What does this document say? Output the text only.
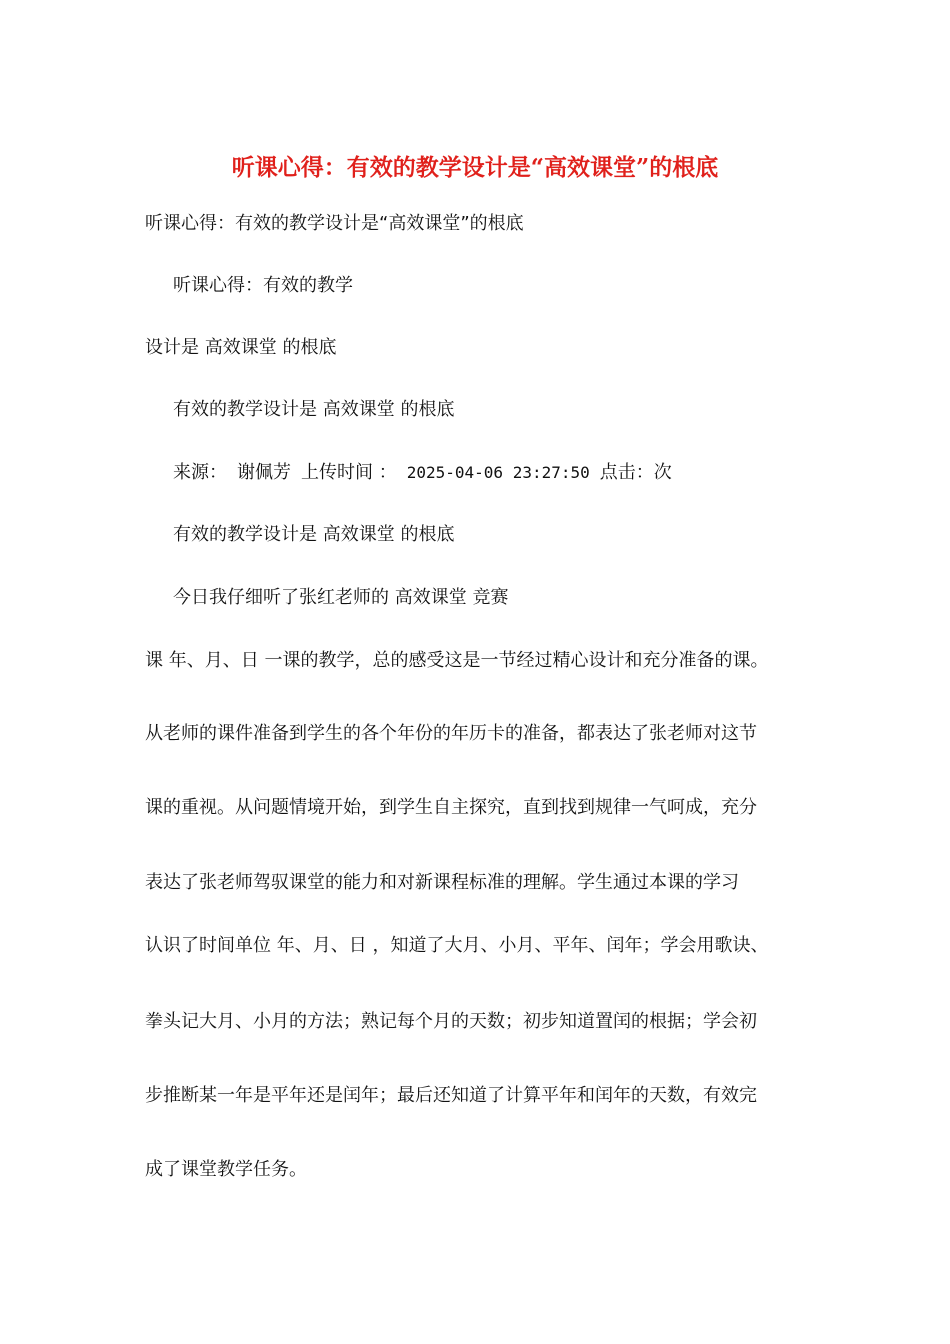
听课心得：有效的教学设计是“高效课堂”的根底
听课心得：有效的教学设计是“高效课堂”的根底
听课心得：有效的教学
设计是 高效课堂 的根底
有效的教学设计是 高效课堂 的根底
来源： 谢佩芳 上传时间 ： 2025-04-06 23:27:50 点击：次
有效的教学设计是 高效课堂 的根底
今日我仔细听了张红老师的 高效课堂 竞赛
课 年、月、日 一课的教学，总的感受这是一节经过精心设计和充分准备的课。
从老师的课件准备到学生的各个年份的年历卡的准备，都表达了张老师对这节
课的重视。从问题情境开始，到学生自主探究，直到找到规律一气呵成，充分
表达了张老师驾驭课堂的能力和对新课程标准的理解。学生通过本课的学习
认识了时间单位 年、月、日 ，知道了大月、小月、平年、闰年；学会用歌诀、
拳头记大月、小月的方法；熟记每个月的天数；初步知道置闰的根据；学会初
步推断某一年是平年还是闰年；最后还知道了计算平年和闰年的天数，有效完
成了课堂教学任务。
